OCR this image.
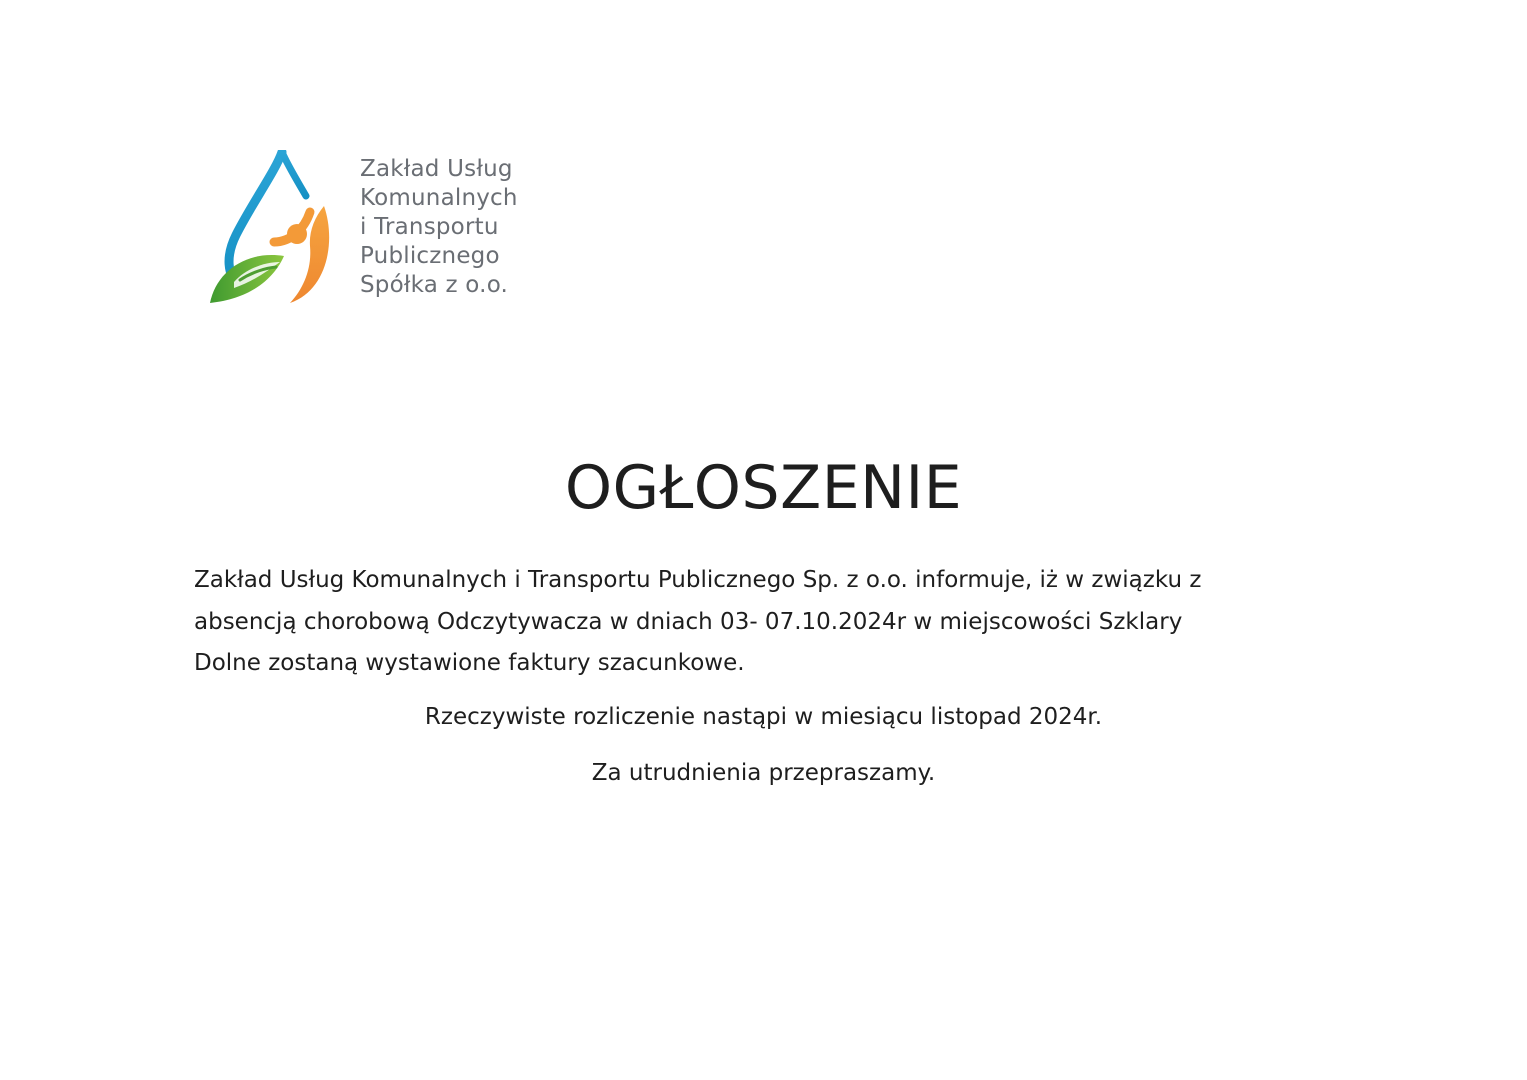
Zakład Usług
Komunalnych
i Transportu
Publicznego
Spółka z o.o.
OGŁOSZENIE
Zakład Usług Komunalnych i Transportu Publicznego Sp. z o.o. informuje, iż w związku z
absencją chorobową Odczytywacza w dniach 03- 07.10.2024r w miejscowości Szklary
Dolne zostaną wystawione faktury szacunkowe.
Rzeczywiste rozliczenie nastąpi w miesiącu listopad 2024r.
Za utrudnienia przepraszamy.
